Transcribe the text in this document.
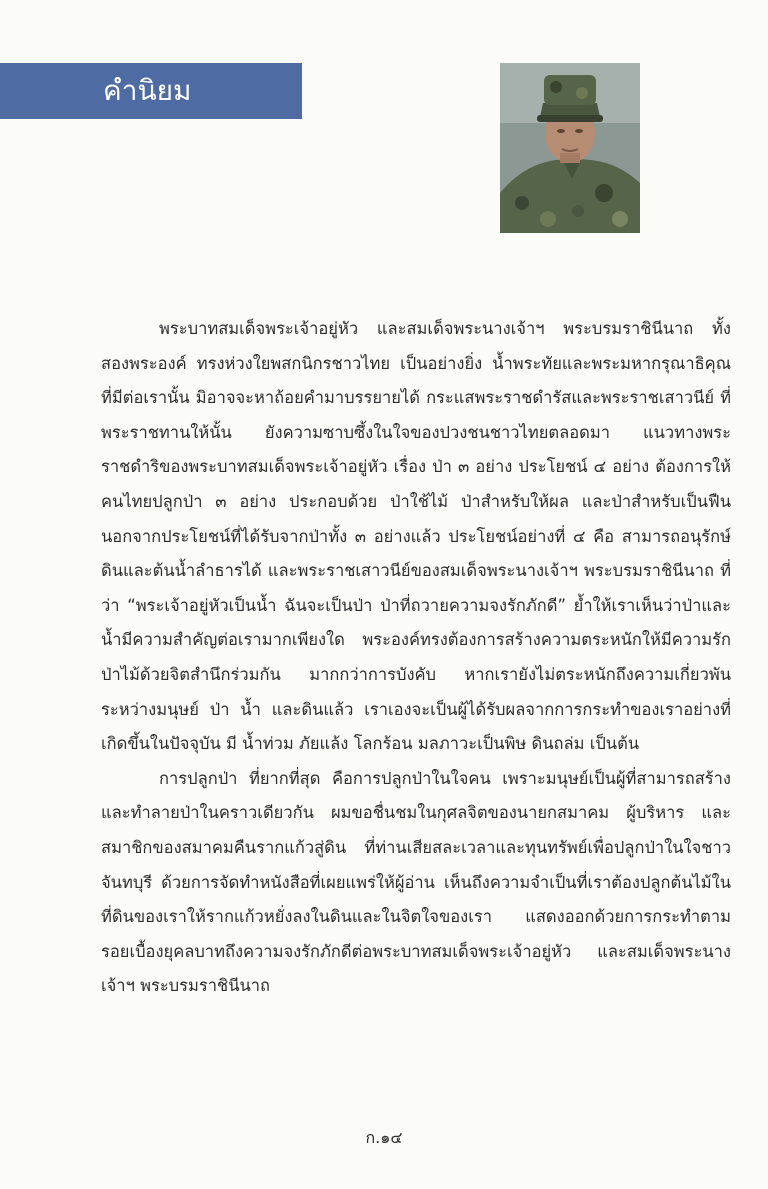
คำนิยม

พระบาทสมเด็จพระเจ้าอยู่หัว และสมเด็จพระนางเจ้าฯ พระบรมราชินีนาถ ทั้งสองพระองค์ ทรงห่วงใยพสกนิกรชาวไทย เป็นอย่างยิ่ง น้ำพระทัยและพระมหากรุณาธิคุณ ที่มีต่อเรานั้น มิอาจจะหาถ้อยคำมาบรรยายได้ กระแสพระราชดำรัสและพระราชเสาวนีย์ ที่พระราชทานให้นั้น ยังความซาบซึ้งในใจของปวงชนชาวไทยตลอดมา แนวทางพระราชดำริของพระบาทสมเด็จพระเจ้าอยู่หัว เรื่อง ป่า ๓ อย่าง ประโยชน์ ๔ อย่าง ต้องการให้คนไทยปลูกป่า ๓ อย่าง ประกอบด้วย ป่าใช้ไม้ ป่าสำหรับให้ผล และป่าสำหรับเป็นฟืน นอกจากประโยชน์ที่ได้รับจากป่าทั้ง ๓ อย่างแล้ว ประโยชน์อย่างที่ ๔ คือ สามารถอนุรักษ์ดินและต้นน้ำลำธารได้ และพระราชเสาวนีย์ของสมเด็จพระนางเจ้าฯ พระบรมราชินีนาถ ที่ว่า “พระเจ้าอยู่หัวเป็นน้ำ ฉันจะเป็นป่า ป่าที่ถวายความจงรักภักดี” ย้ำให้เราเห็นว่าป่าและน้ำมีความสำคัญต่อเรามากเพียงใด พระองค์ทรงต้องการสร้างความตระหนักให้มีความรักป่าไม้ด้วยจิตสำนึกร่วมกัน มากกว่าการบังคับ หากเรายังไม่ตระหนักถึงความเกี่ยวพันระหว่างมนุษย์ ป่า น้ำ และดินแล้ว เราเองจะเป็นผู้ได้รับผลจากการกระทำของเราอย่างที่เกิดขึ้นในปัจจุบัน มี น้ำท่วม ภัยแล้ง โลกร้อน มลภาวะเป็นพิษ ดินถล่ม เป็นต้น

การปลูกป่า ที่ยากที่สุด คือการปลูกป่าในใจคน เพราะมนุษย์เป็นผู้ที่สามารถสร้างและทำลายป่าในคราวเดียวกัน ผมขอชื่นชมในกุศลจิตของนายกสมาคม ผู้บริหาร และสมาชิกของสมาคมคืนรากแก้วสู่ดิน ที่ท่านเสียสละเวลาและทุนทรัพย์เพื่อปลูกป่าในใจชาวจันทบุรี ด้วยการจัดทำหนังสือที่เผยแพร่ให้ผู้อ่าน เห็นถึงความจำเป็นที่เราต้องปลูกต้นไม้ในที่ดินของเราให้รากแก้วหยั่งลงในดินและในจิตใจของเรา แสดงออกด้วยการกระทำตามรอยเบื้องยุคลบาทถึงความจงรักภักดีต่อพระบาทสมเด็จพระเจ้าอยู่หัว และสมเด็จพระนางเจ้าฯ พระบรมราชินีนาถ

ก.๑๔
